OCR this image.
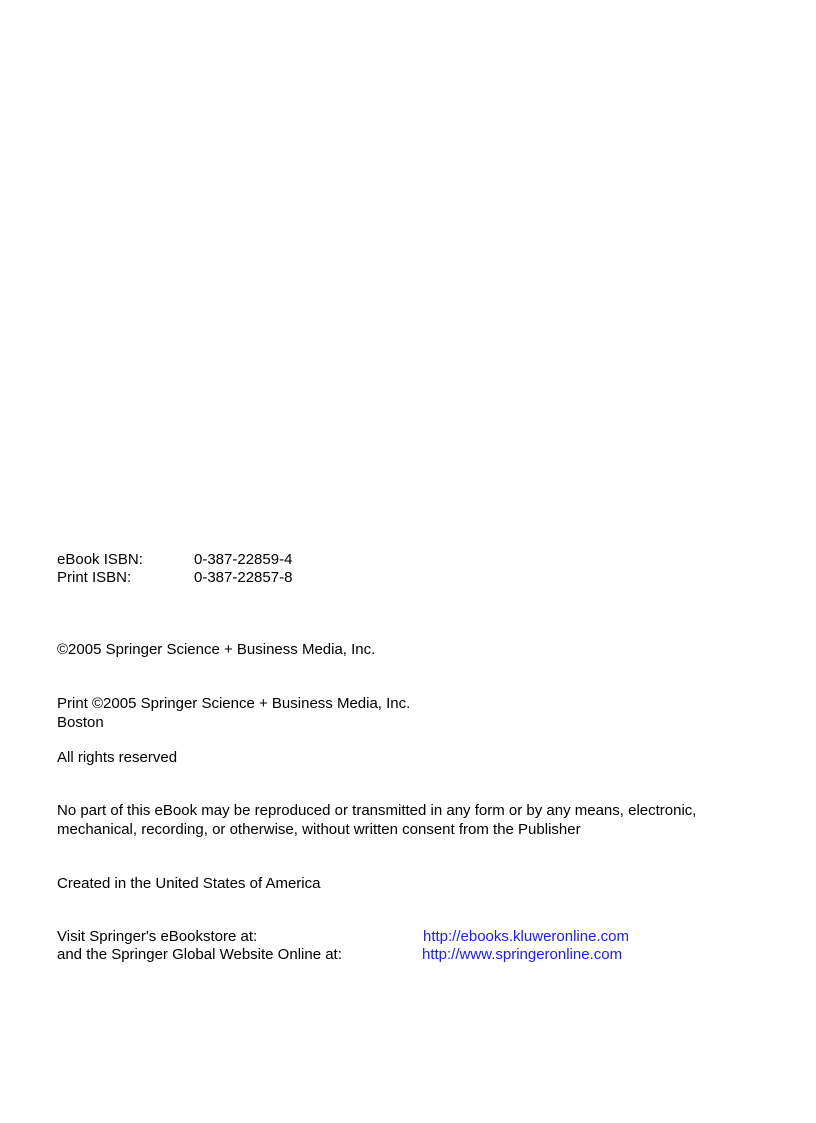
eBook ISBN:	0-387-22859-4
Print ISBN:	0-387-22857-8
©2005 Springer Science + Business Media, Inc.
Print ©2005 Springer Science + Business Media, Inc.
Boston
All rights reserved
No part of this eBook may be reproduced or transmitted in any form or by any means, electronic,
mechanical, recording, or otherwise, without written consent from the Publisher
Created in the United States of America
Visit Springer's eBookstore at:	http://ebooks.kluweronline.com
and the Springer Global Website Online at:	http://www.springeronline.com
